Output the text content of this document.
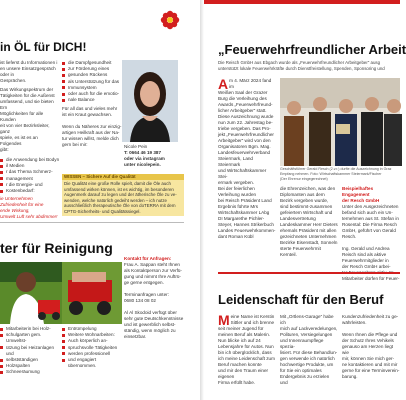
in ÖL für DICH!
ist lieferst du Informationen i
en unsere Einsatzgespräch oder in
Gesprächen.
Das Wirkungspektrum der
Tätigkeiten für die Außenst
umfassend, und sie bieten Ern
Möglichkeiten für alle Kunden
eit von vier Bezirksleiter, ganz
spiele, es ist es an Folgendes
gibt:
die Anwendung bei Bodyn
il Medien
r das Thema Schmerz-
management
r die Energie- und
Kostenbedarf:
ie Unternehmen Zufriedenheit für eine
ende Wirkung,
Umwelt Luft sehr abdimmer!
die Dampfgesundheit
zur Förderung eines
gesunden Rückens
als Unterstützung für das
Immunsystem
oder auch für die emotio-
nale Balance
Für all das und vieles mehr
ist ein Kraut gewachsen.

Wenn du Näheres zur einzig-
artigen Heilkraft aus der Na-
tur wissen willst, melde dich
gern bei mir:	Nicole Pein
T: 0664 46 19 387
oder via instagram
unter nicolepein.
WISSEN – Sichere Auf die Qualität
Die Qualität eine große Rolle spielt, damit die Öle auch
umfassend wirken können, ist es wichtig, im besonderen
Augenmerk darauf zu legen und der ätherische Öle zu ve-
wenden, welche natürlich gedeiht werden – ich nutze
ausschließlich therapeutische Öle von doTERRA mit dem
CPTG-Sicherheits- und Qualitätssiegel.
ter für Reinigung
Mitarbeiterin bei Holz-
schulgarten gem. Umweltst-
ützung bei Heizanlagen und
selbstständigen
Holzspalten
Schneeräumung
Entrümpelung
Weitere Wohnarbeiten:
Auch körperlich an-
spruchsvolle Tätigkeiten
werden professionell
und engagiert übernommen.
Kontakt für Anfragen:
Frau A. Sappan steht Ihnen
als Kontaktperson zur Verfü-
gung und nimmt Ihre Auftrü-
ge gerne entgegen.

Terminanfragen unter:
0680 134 08 02

Al Al Skodoid verfügt über
sehr gute Deutschkenntnisse
und ist gewerblich selbst-
ständig, wenn möglich zu
einsetzbar.
„Feuerwehrfreundlicher Arbeit
Die Reisch GmbH aus Ebgach wurde als „Feuerwehrfreundlicher Arbeitgeber“ ausg
unterstützt lokale Feuerwehrkräfte durch Dienstfreistellung, Spenden, Sponsoring und
A m 4. März 2024 fand im
Weißen Saal der Grazer
Burg die Verleihung des
Awards „Feuerwehrfreund-
licher Arbeitgeber“ statt.
Diese Auszeichnung wurde
nun zum 22. Jahrestag be-
triebe vergeben. Das Pro-
jekt „Feuerwehrfreundlicher
Arbeitgeber“ wird von den
Organisatoren Bgm. Mag.
Landesfeuerwehrverband
Steiermark, Land Steiermark
und Wirtschaftskammer Stei-
ermark vergeben.
Geschäftsführer Gerald Resch (2.v.r.) durfte die Auszeichnung in Graz
Empfang nehmen. Foto: Wirtschaftskammer Steiermark/Fischer
(Der Ehrenur eingegerechnet)
Bei der feierlichen
Verleihung wurden
bei Reisch Präsident Land
Ergebnis führte Mrs
Wirtschaftskammer LAbg
DI Margarethe Pichler-
Steyer, Hannes Strikerbuch
Landes Feuerwehrkommen-
dant Roman Kübl
die Ehrenzeichen, was den
Diplomanten aus dem
Bezirk vergeben wurde,
sind bestimmt-zusammen
gefeiertem Wirtschaft und
Landesvertretung
Landeskammer Herr Dieters
ehemals Präsident mit allen
gezeichneten Unternehmen
Bezirke Eisenstadt, Sonneln
sterte Feuerwehrmit
Kernteil.
Beispielhaftes Engagement
der Resch GmbH
Unter den Ausgezeichneten
befand sich auch ein Un-
ternehmen aus St. Stefan in
Rosental: Die Firma Resch
GmbH, geführt von Gerald
Resch.

Ing. Gerald und Andrea
Reisch sind als aktive
Feuerwehrmitglieder in
der Resch GmbH arbei-
Mitarbeiter dürfen für Feuer-
Leidenschaft für den Beruf
M eine Name ist Kerstin
Sittler und ich brenne
seit meiner Jugend für
meinen Beruf als Malerin.
Nun blicke ich auf 24
Lebensjahre für Autos. Nun
bin ich überglücklich, dass
ich meine Leidenschaft zum
Beruf machen konnte
und mir den Traum einer eigenen
Firma erfüllt habe.
Mit „Ortlens-Garage“ habe ich
mich auf Lackveredelungen,
Polituren, Versiegelungen
und Innenraumpflege spezia-
lisiert. Für diese Behandlun-
gen verwende ich natürlich
hochwertige Produkte, um
für Sie ein optimales
Endergebnis zu erzielen und
Kundenzufriedenheit zu ge-
währleisten.

Wenn Ihnen die Pflege und
der Schutz Ihres Vehikels
genauso am Herzen liegt wie
mir, können Sie mich ger-
ne kontaktieren und mit mir
gerne für eine Terminverein-
barung.
